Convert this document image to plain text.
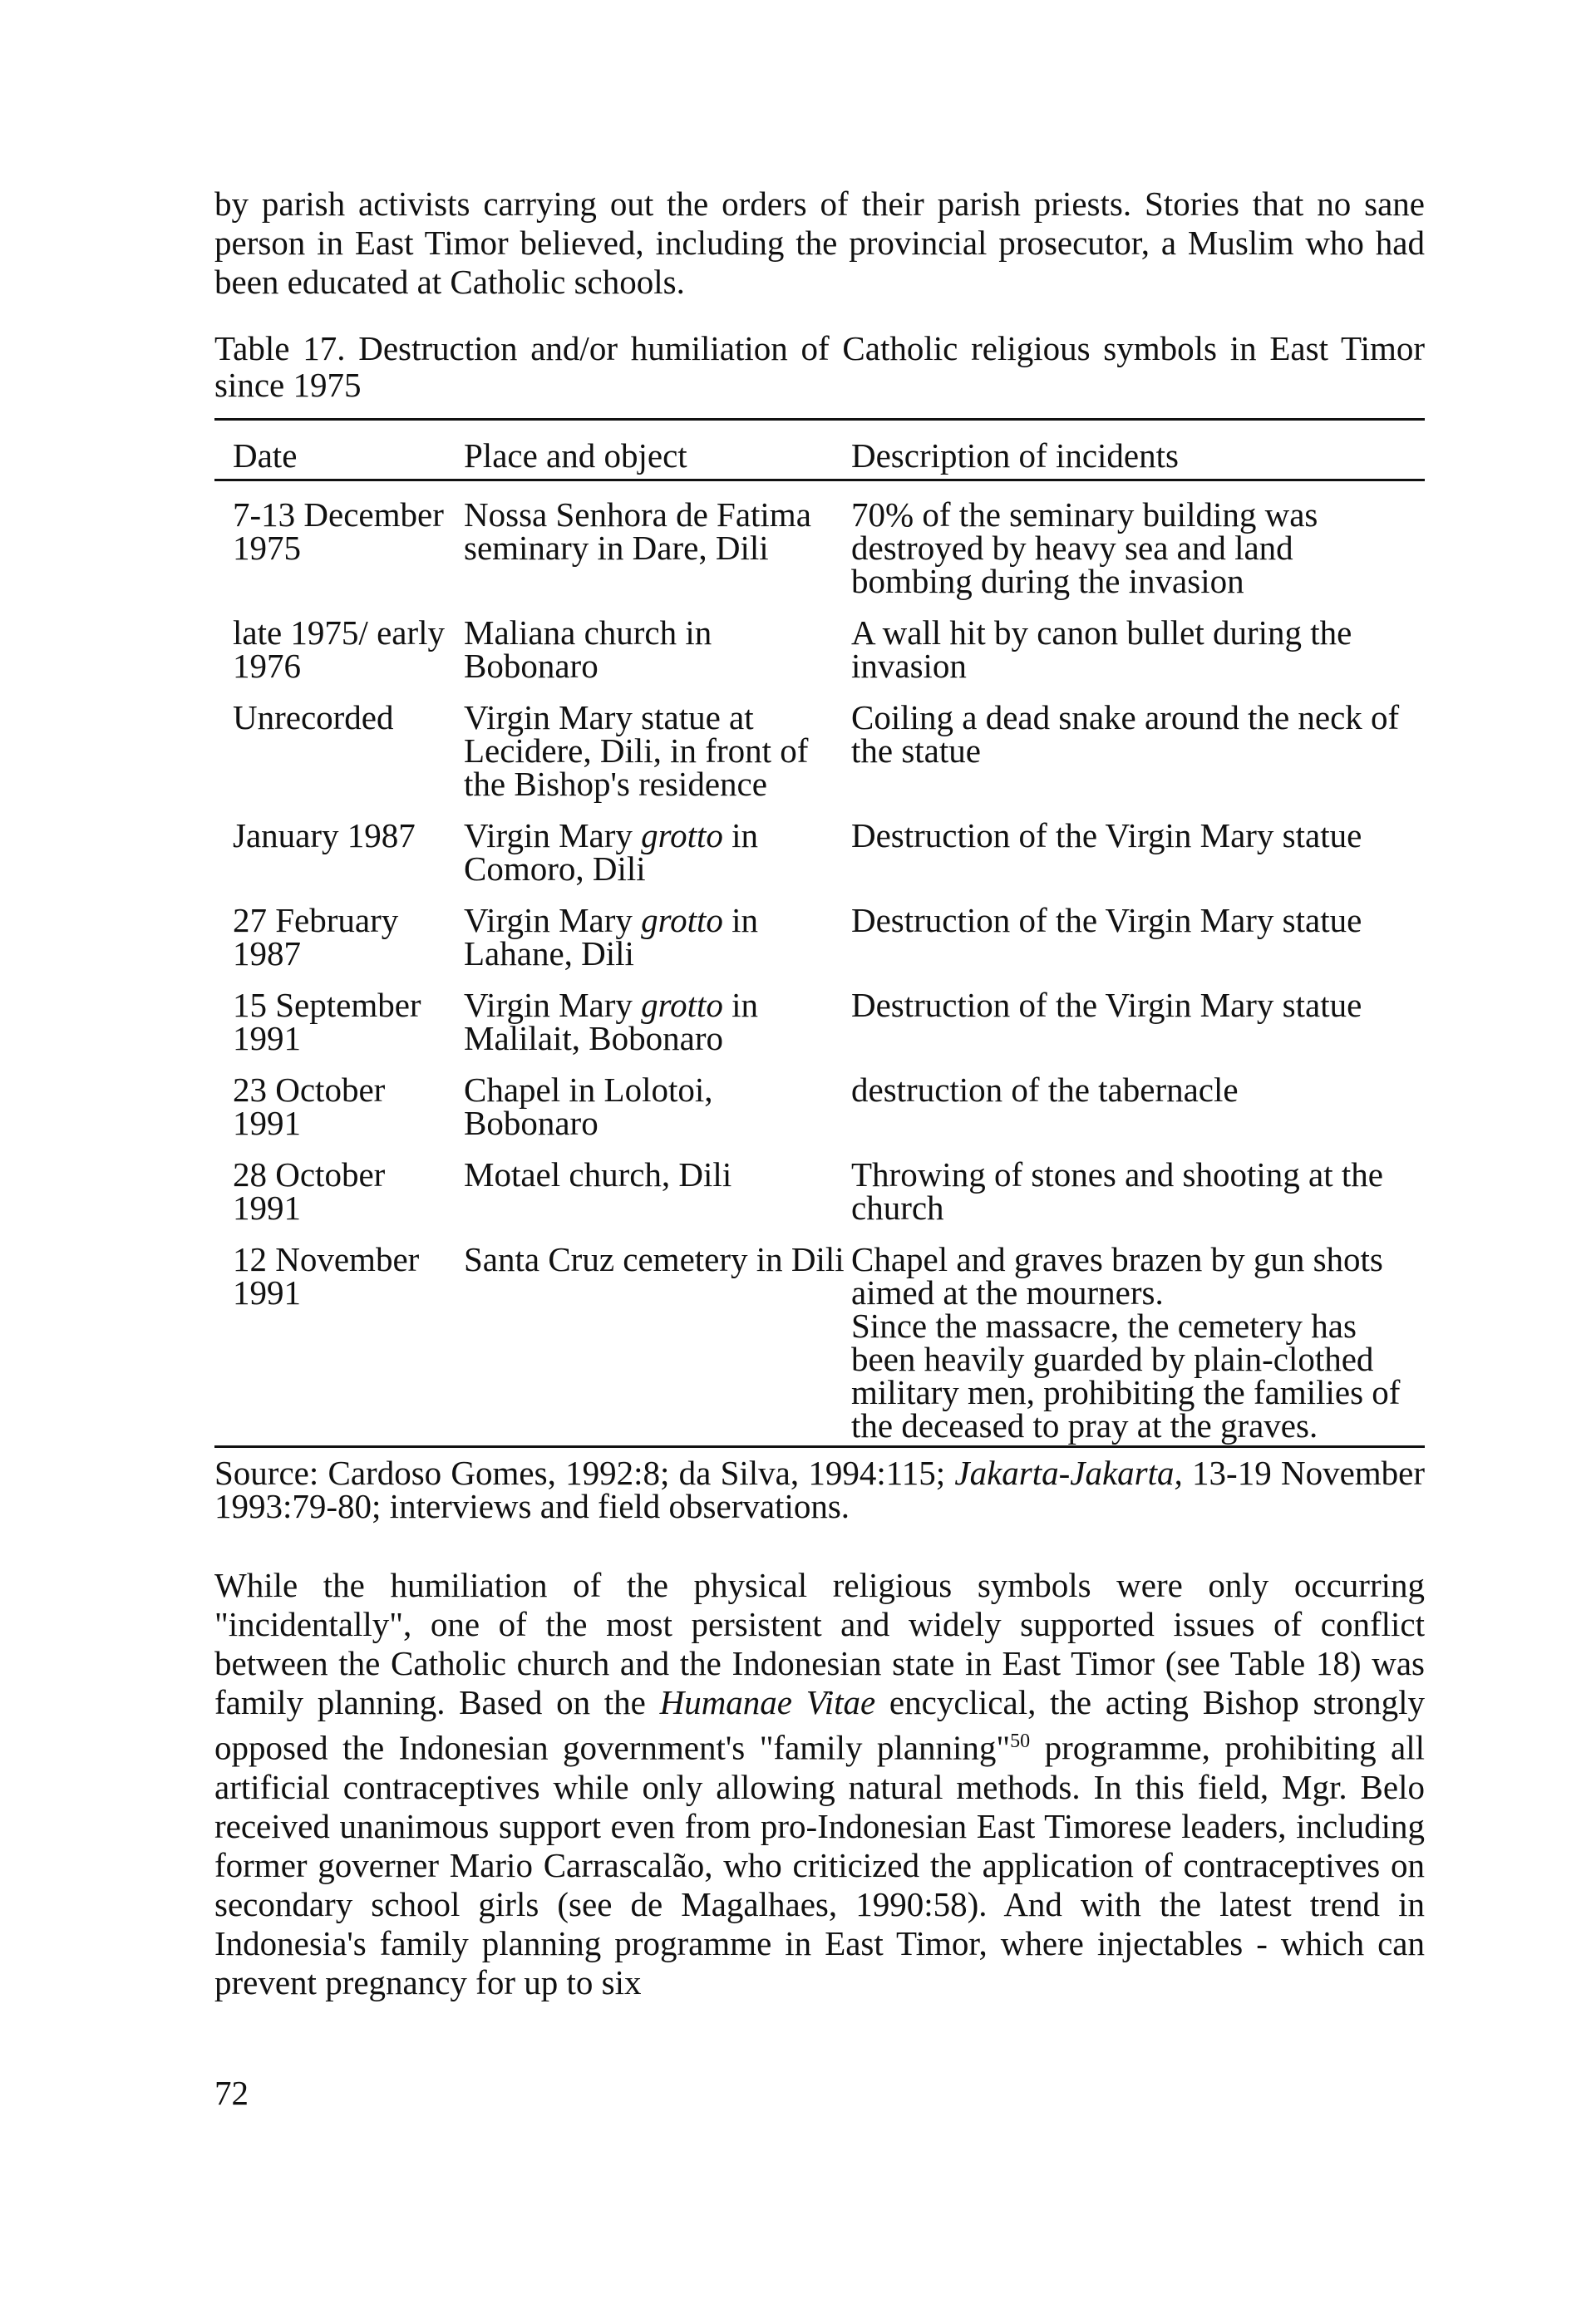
by parish activists carrying out the orders of their parish priests. Stories that no sane person in East Timor believed, including the provincial prosecutor, a Muslim who had been educated at Catholic schools.

Table 17. Destruction and/or humiliation of Catholic religious symbols in East Timor since 1975

Date	Place and object	Description of incidents

7-13 December 1975	Nossa Senhora de Fatima seminary in Dare, Dili	70% of the seminary building was destroyed by heavy sea and land bombing during the invasion
late 1975/ early 1976	Maliana church in Bobonaro	A wall hit by canon bullet during the invasion
Unrecorded	Virgin Mary statue at Lecidere, Dili, in front of the Bishop's residence	Coiling a dead snake around the neck of the statue
January 1987	Virgin Mary grotto in Comoro, Dili	Destruction of the Virgin Mary statue
27 February 1987	Virgin Mary grotto in Lahane, Dili	Destruction of the Virgin Mary statue
15 September 1991	Virgin Mary grotto in Malilait, Bobonaro	Destruction of the Virgin Mary statue
23 October 1991	Chapel in Lolotoi, Bobonaro	destruction of the tabernacle
28 October 1991	Motael church, Dili	Throwing of stones and shooting at the church
12 November 1991	Santa Cruz cemetery in Dili	Chapel and graves brazen by gun shots aimed at the mourners.
Since the massacre, the cemetery has been heavily guarded by plain-clothed military men, prohibiting the families of the deceased to pray at the graves.

Source: Cardoso Gomes, 1992:8; da Silva, 1994:115; Jakarta-Jakarta, 13-19 November 1993:79-80; interviews and field observations.

While the humiliation of the physical religious symbols were only occurring "incidentally", one of the most persistent and widely supported issues of conflict between the Catholic church and the Indonesian state in East Timor (see Table 18) was family planning. Based on the Humanae Vitae encyclical, the acting Bishop strongly opposed the Indonesian government's "family planning"$^{50}$ programme, prohibiting all artificial contraceptives while only allowing natural methods. In this field, Mgr. Belo received unanimous support even from pro-Indonesian East Timorese leaders, including former governer Mario Carrascalão, who criticized the application of contraceptives on secondary school girls (see de Magalhaes, 1990:58). And with the latest trend in Indonesia's family planning programme in East Timor, where injectables - which can prevent pregnancy for up to six

72
